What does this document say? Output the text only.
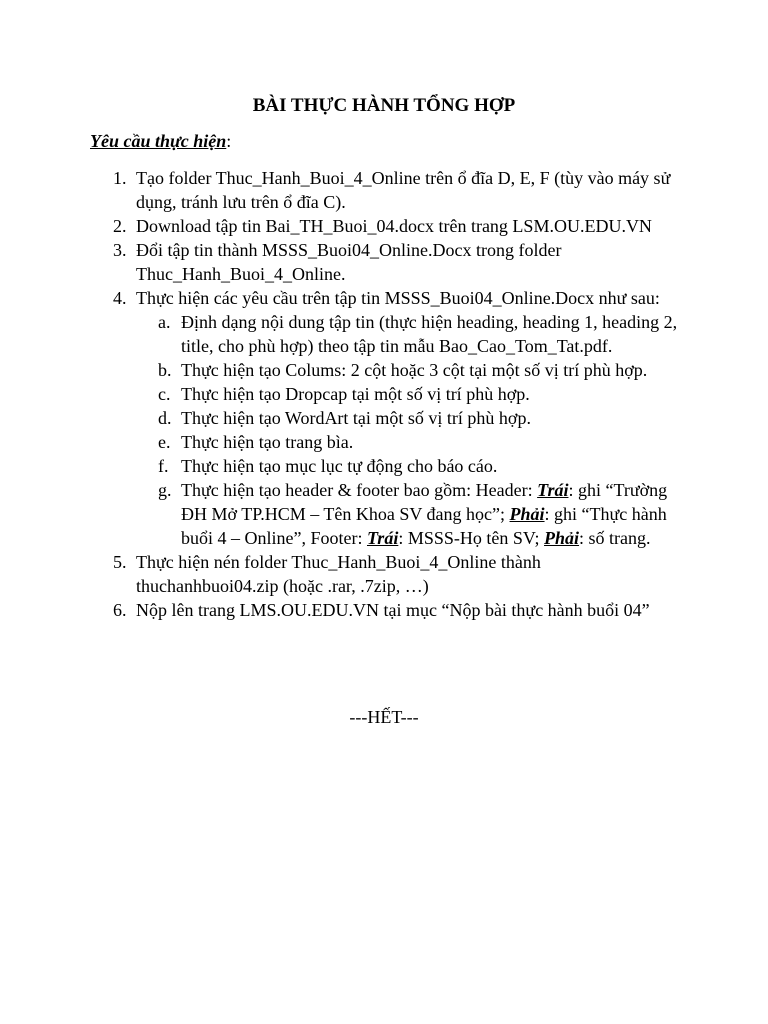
BÀI THỰC HÀNH TỔNG HỢP
Yêu cầu thực hiện:
1. Tạo folder Thuc_Hanh_Buoi_4_Online trên ổ đĩa D, E, F (tùy vào máy sử dụng, tránh lưu trên ổ đĩa C).
2. Download tập tin Bai_TH_Buoi_04.docx trên trang LSM.OU.EDU.VN
3. Đổi tập tin thành MSSS_Buoi04_Online.Docx trong folder Thuc_Hanh_Buoi_4_Online.
4. Thực hiện các yêu cầu trên tập tin MSSS_Buoi04_Online.Docx như sau:
a. Định dạng nội dung tập tin (thực hiện heading, heading 1, heading 2, title, cho phù hợp) theo tập tin mẫu Bao_Cao_Tom_Tat.pdf.
b. Thực hiện tạo Colums: 2 cột hoặc 3 cột tại một số vị trí phù hợp.
c. Thực hiện tạo Dropcap tại một số vị trí phù hợp.
d. Thực hiện tạo WordArt tại một số vị trí phù hợp.
e. Thực hiện tạo trang bìa.
f. Thực hiện tạo mục lục tự động cho báo cáo.
g. Thực hiện tạo header & footer bao gồm: Header: Trái: ghi “Trường ĐH Mở TP.HCM – Tên Khoa SV đang học”; Phải: ghi “Thực hành buổi 4 – Online”, Footer: Trái: MSSS-Họ tên SV; Phải: số trang.
5. Thực hiện nén folder Thuc_Hanh_Buoi_4_Online thành thuchanhbuoi04.zip (hoặc .rar, .7zip, …)
6. Nộp lên trang LMS.OU.EDU.VN tại mục “Nộp bài thực hành buổi 04”
---HẾT---
